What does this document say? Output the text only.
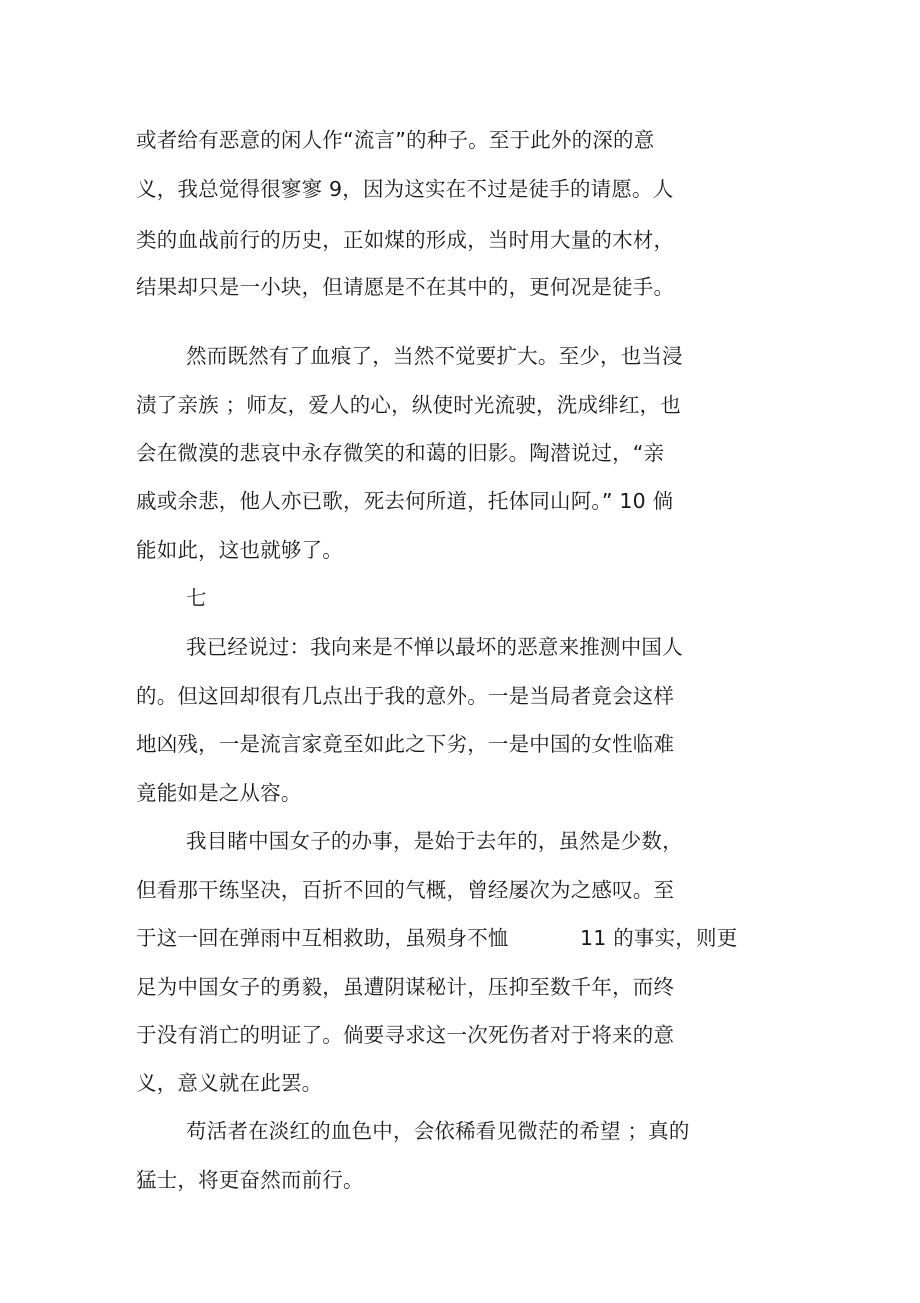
或者给有恶意的闲人作“流言”的种子。至于此外的深的意
义，我总觉得很寥寥 9，因为这实在不过是徒手的请愿。人
类的血战前行的历史，正如煤的形成，当时用大量的木材，
结果却只是一小块，但请愿是不在其中的，更何况是徒手。
然而既然有了血痕了，当然不觉要扩大。至少，也当浸
渍了亲族 ；师友，爱人的心，纵使时光流驶，洗成绯红，也
会在微漠的悲哀中永存微笑的和蔼的旧影。陶潜说过，“亲
戚或余悲，他人亦已歌，死去何所道，托体同山阿。” 10 倘
能如此，这也就够了。
七
我已经说过：我向来是不惮以最坏的恶意来推测中国人
的。但这回却很有几点出于我的意外。一是当局者竟会这样
地凶残，一是流言家竟至如此之下劣，一是中国的女性临难
竟能如是之从容。
我目睹中国女子的办事，是始于去年的，虽然是少数，
但看那干练坚决，百折不回的气概，曾经屡次为之感叹。至
于这一回在弹雨中互相救助，虽殒身不恤	11 的事实，则更
足为中国女子的勇毅，虽遭阴谋秘计，压抑至数千年，而终
于没有消亡的明证了。倘要寻求这一次死伤者对于将来的意
义，意义就在此罢。
苟活者在淡红的血色中，会依稀看见微茫的希望 ；真的
猛士，将更奋然而前行。
